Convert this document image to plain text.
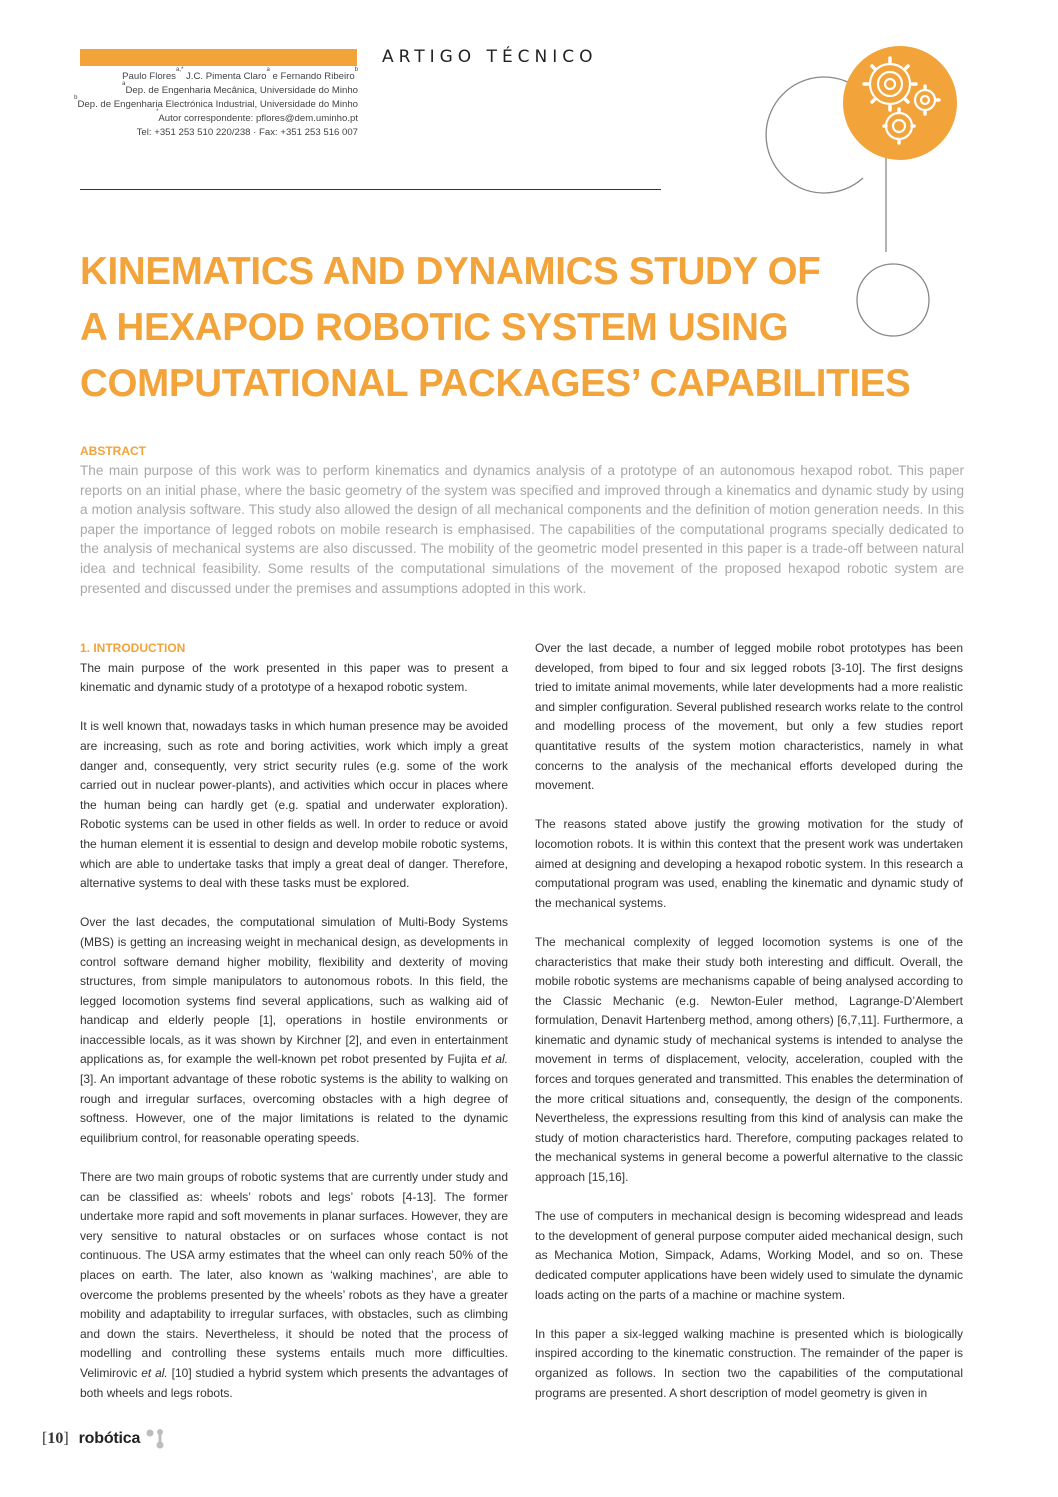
ARTIGO TÉCNICO
Paulo Flores$^{a,*}$ J.C. Pimenta Claro$^a$ e Fernando Ribeiro$^b$
$^a$Dep. de Engenharia Mecânica, Universidade do Minho
$^b$Dep. de Engenharia Electrónica Industrial, Universidade do Minho
*Autor correspondente: pflores@dem.uminho.pt
Tel: +351 253 510 220/238 · Fax: +351 253 516 007
KINEMATICS AND DYNAMICS STUDY OF
A HEXAPOD ROBOTIC SYSTEM USING
COMPUTATIONAL PACKAGES’ CAPABILITIES
ABSTRACT

The main purpose of this work was to perform kinematics and dynamics analysis of a prototype of an autonomous hexapod robot. This paper reports on an initial phase, where the basic geometry of the system was specified and improved through a kinematics and dynamic study by using a motion analysis software. This study also allowed the design of all mechanical components and the definition of motion generation needs. In this paper the importance of legged robots on mobile research is emphasised. The capabilities of the computational programs specially dedicated to the analysis of mechanical systems are also discussed. The mobility of the geometric model presented in this paper is a trade-off between natural idea and technical feasibility. Some results of the computational simulations of the movement of the proposed hexapod robotic system are presented and discussed under the premises and assumptions adopted in this work.

1. INTRODUCTION

The main purpose of the work presented in this paper was to present a kinematic and dynamic study of a prototype of a hexapod robotic system.

It is well known that, nowadays tasks in which human presence may be avoided are increasing, such as rote and boring activities, work which imply a great danger and, consequently, very strict security rules (e.g. some of the work carried out in nuclear power-plants), and activities which occur in places where the human being can hardly get (e.g. spatial and underwater exploration). Robotic systems can be used in other fields as well. In order to reduce or avoid the human element it is essential to design and develop mobile robotic systems, which are able to undertake tasks that imply a great deal of danger. Therefore, alternative systems to deal with these tasks must be explored.

Over the last decades, the computational simulation of Multi-Body Systems (MBS) is getting an increasing weight in mechanical design, as developments in control software demand higher mobility, flexibility and dexterity of moving structures, from simple manipulators to autonomous robots. In this field, the legged locomotion systems find several applications, such as walking aid of handicap and elderly people [1], operations in hostile environments or inaccessible locals, as it was shown by Kirchner [2], and even in entertainment applications as, for example the well-known pet robot presented by Fujita et al. [3]. An important advantage of these robotic systems is the ability to walking on rough and irregular surfaces, overcoming obstacles with a high degree of softness. However, one of the major limitations is related to the dynamic equilibrium control, for reasonable operating speeds.

There are two main groups of robotic systems that are currently under study and can be classified as: wheels’ robots and legs’ robots [4-13]. The former undertake more rapid and soft movements in planar surfaces. However, they are very sensitive to natural obstacles or on surfaces whose contact is not continuous. The USA army estimates that the wheel can only reach 50% of the places on earth. The later, also known as ‘walking machines’, are able to overcome the problems presented by the wheels’ robots as they have a greater mobility and adaptability to irregular surfaces, with obstacles, such as climbing and down the stairs. Nevertheless, it should be noted that the process of modelling and controlling these systems entails much more difficulties. Velimirovic et al. [10] studied a hybrid system which presents the advantages of both wheels and legs robots.

Over the last decade, a number of legged mobile robot prototypes has been developed, from biped to four and six legged robots [3-10]. The first designs tried to imitate animal movements, while later developments had a more realistic and simpler configuration. Several published research works relate to the control and modelling process of the movement, but only a few studies report quantitative results of the system motion characteristics, namely in what concerns to the analysis of the mechanical efforts developed during the movement.

The reasons stated above justify the growing motivation for the study of locomotion robots. It is within this context that the present work was undertaken aimed at designing and developing a hexapod robotic system. In this research a computational program was used, enabling the kinematic and dynamic study of the mechanical systems.

The mechanical complexity of legged locomotion systems is one of the characteristics that make their study both interesting and difficult. Overall, the mobile robotic systems are mechanisms capable of being analysed according to the Classic Mechanic (e.g. Newton-Euler method, Lagrange-D’Alembert formulation, Denavit Hartenberg method, among others) [6,7,11]. Furthermore, a kinematic and dynamic study of mechanical systems is intended to analyse the movement in terms of displacement, velocity, acceleration, coupled with the forces and torques generated and transmitted. This enables the determination of the more critical situations and, consequently, the design of the components. Nevertheless, the expressions resulting from this kind of analysis can make the study of motion characteristics hard. Therefore, computing packages related to the mechanical systems in general become a powerful alternative to the classic approach [15,16].

The use of computers in mechanical design is becoming widespread and leads to the development of general purpose computer aided mechanical design, such as Mechanica Motion, Simpack, Adams, Working Model, and so on. These dedicated computer applications have been widely used to simulate the dynamic loads acting on the parts of a machine or machine system.

In this paper a six-legged walking machine is presented which is biologically inspired according to the kinematic construction. The remainder of the paper is organized as follows. In section two the capabilities of the computational programs are presented. A short description of model geometry is given in

[10] robótica
